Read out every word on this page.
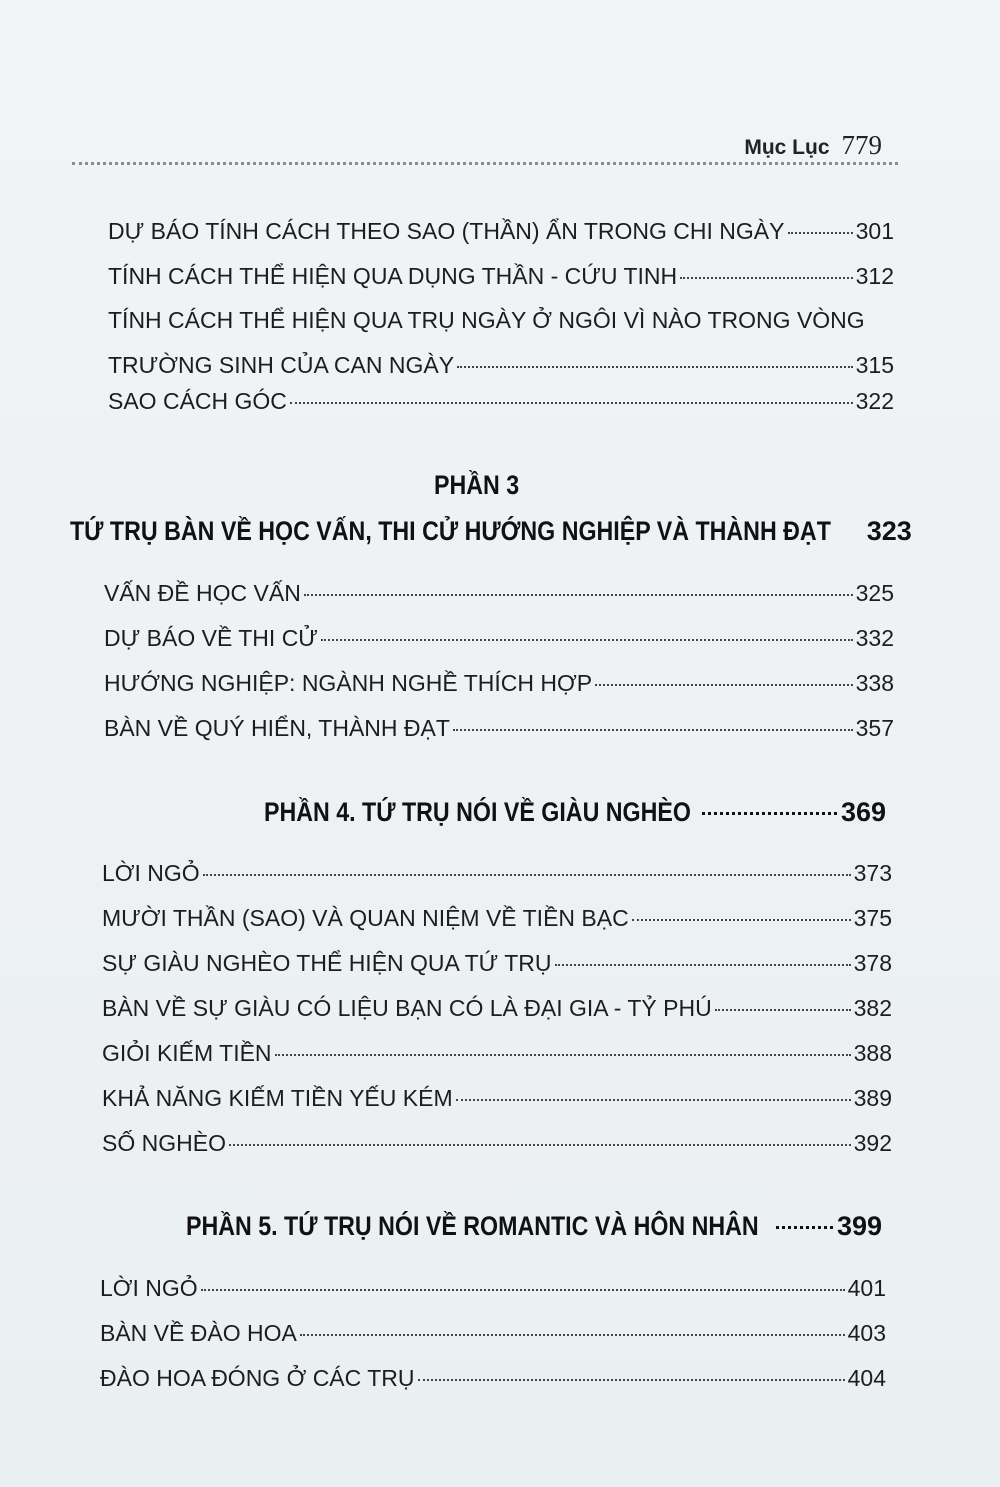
Mục Lục 779
DỰ BÁO TÍNH CÁCH THEO SAO (THẦN) ẨN TRONG CHI NGÀY	301
TÍNH CÁCH THỂ HIỆN QUA DỤNG THẦN - CỨU TINH	312
TÍNH CÁCH THỂ HIỆN QUA TRỤ NGÀY Ở NGÔI VÌ NÀO TRONG VÒNG
TRƯỜNG SINH CỦA CAN NGÀY	315
SAO CÁCH GÓC	322
PHẦN 3
TỨ TRỤ BÀN VỀ HỌC VẤN, THI CỬ HƯỚNG NGHIỆP VÀ THÀNH ĐẠT 323
VẤN ĐỀ HỌC VẤN	325
DỰ BÁO VỀ THI CỬ	332
HƯỚNG NGHIỆP: NGÀNH NGHỀ THÍCH HỢP	338
BÀN VỀ QUÝ HIỂN, THÀNH ĐẠT	357
PHẦN 4. TỨ TRỤ NÓI VỀ GIÀU NGHÈO	369
LỜI NGỎ	373
MƯỜI THẦN (SAO) VÀ QUAN NIỆM VỀ TIỀN BẠC	375
SỰ GIÀU NGHÈO THỂ HIỆN QUA TỨ TRỤ	378
BÀN VỀ SỰ GIÀU CÓ LIỆU BẠN CÓ LÀ ĐẠI GIA - TỶ PHÚ	382
GIỎI KIẾM TIỀN	388
KHẢ NĂNG KIẾM TIỀN YẾU KÉM	389
SỐ NGHÈO	392
PHẦN 5. TỨ TRỤ NÓI VỀ ROMANTIC VÀ HÔN NHÂN	399
LỜI NGỎ	401
BÀN VỀ ĐÀO HOA	403
ĐÀO HOA ĐÓNG Ở CÁC TRỤ	404
